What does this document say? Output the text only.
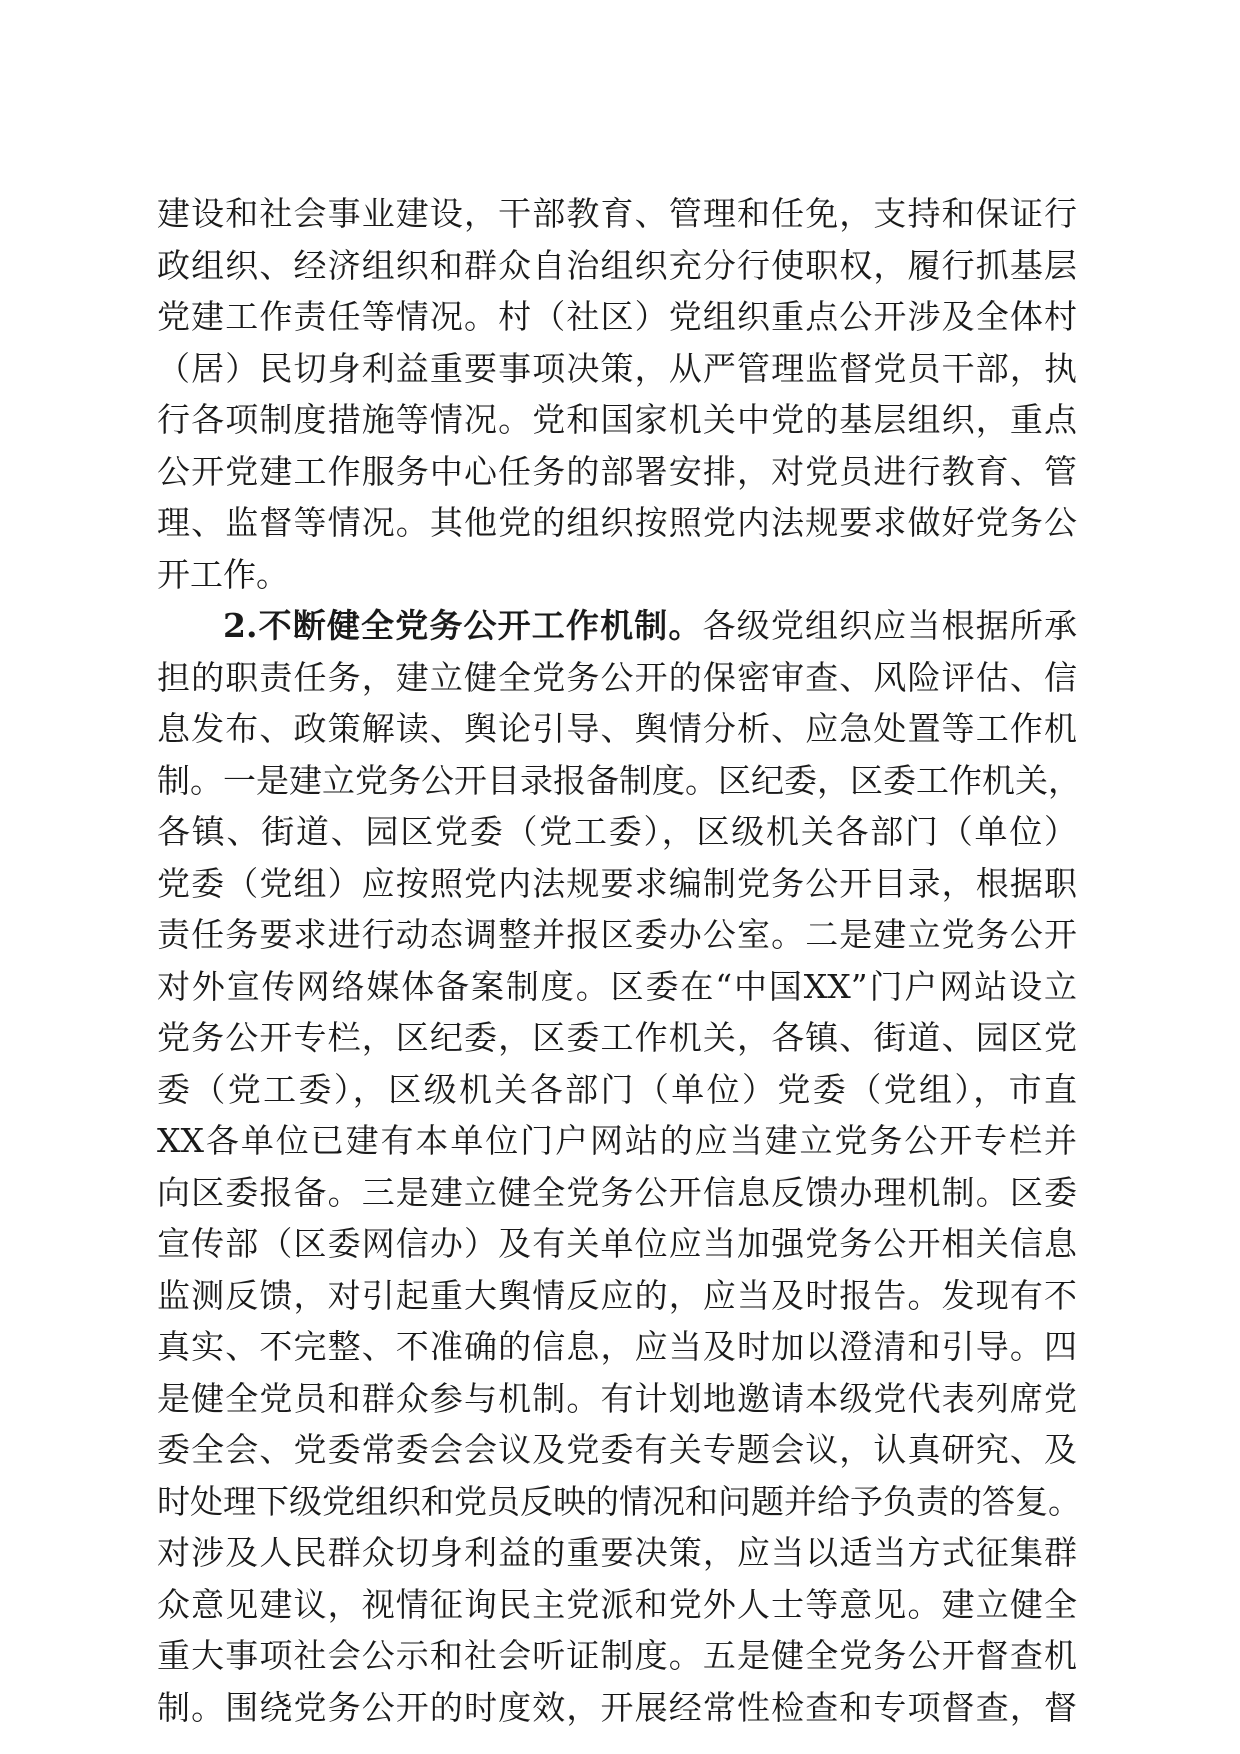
建设和社会事业建设，干部教育、管理和任免，支持和保证行
政组织、经济组织和群众自治组织充分行使职权，履行抓基层
党建工作责任等情况。村（社区）党组织重点公开涉及全体村
（居）民切身利益重要事项决策，从严管理监督党员干部，执
行各项制度措施等情况。党和国家机关中党的基层组织，重点
公开党建工作服务中心任务的部署安排，对党员进行教育、管
理、监督等情况。其他党的组织按照党内法规要求做好党务公
开工作。
2.不断健全党务公开工作机制。各级党组织应当根据所承
担的职责任务，建立健全党务公开的保密审查、风险评估、信
息发布、政策解读、舆论引导、舆情分析、应急处置等工作机
制。一是建立党务公开目录报备制度。区纪委，区委工作机关，
各镇、街道、园区党委（党工委），区级机关各部门（单位）
党委（党组）应按照党内法规要求编制党务公开目录，根据职
责任务要求进行动态调整并报区委办公室。二是建立党务公开
对外宣传网络媒体备案制度。区委在“中国XX”门户网站设立
党务公开专栏，区纪委，区委工作机关，各镇、街道、园区党
委（党工委），区级机关各部门（单位）党委（党组），市直
XX各单位已建有本单位门户网站的应当建立党务公开专栏并
向区委报备。三是建立健全党务公开信息反馈办理机制。区委
宣传部（区委网信办）及有关单位应当加强党务公开相关信息
监测反馈，对引起重大舆情反应的，应当及时报告。发现有不
真实、不完整、不准确的信息，应当及时加以澄清和引导。四
是健全党员和群众参与机制。有计划地邀请本级党代表列席党
委全会、党委常委会会议及党委有关专题会议，认真研究、及
时处理下级党组织和党员反映的情况和问题并给予负责的答复。
对涉及人民群众切身利益的重要决策，应当以适当方式征集群
众意见建议，视情征询民主党派和党外人士等意见。建立健全
重大事项社会公示和社会听证制度。五是健全党务公开督查机
制。围绕党务公开的时度效，开展经常性检查和专项督查，督
